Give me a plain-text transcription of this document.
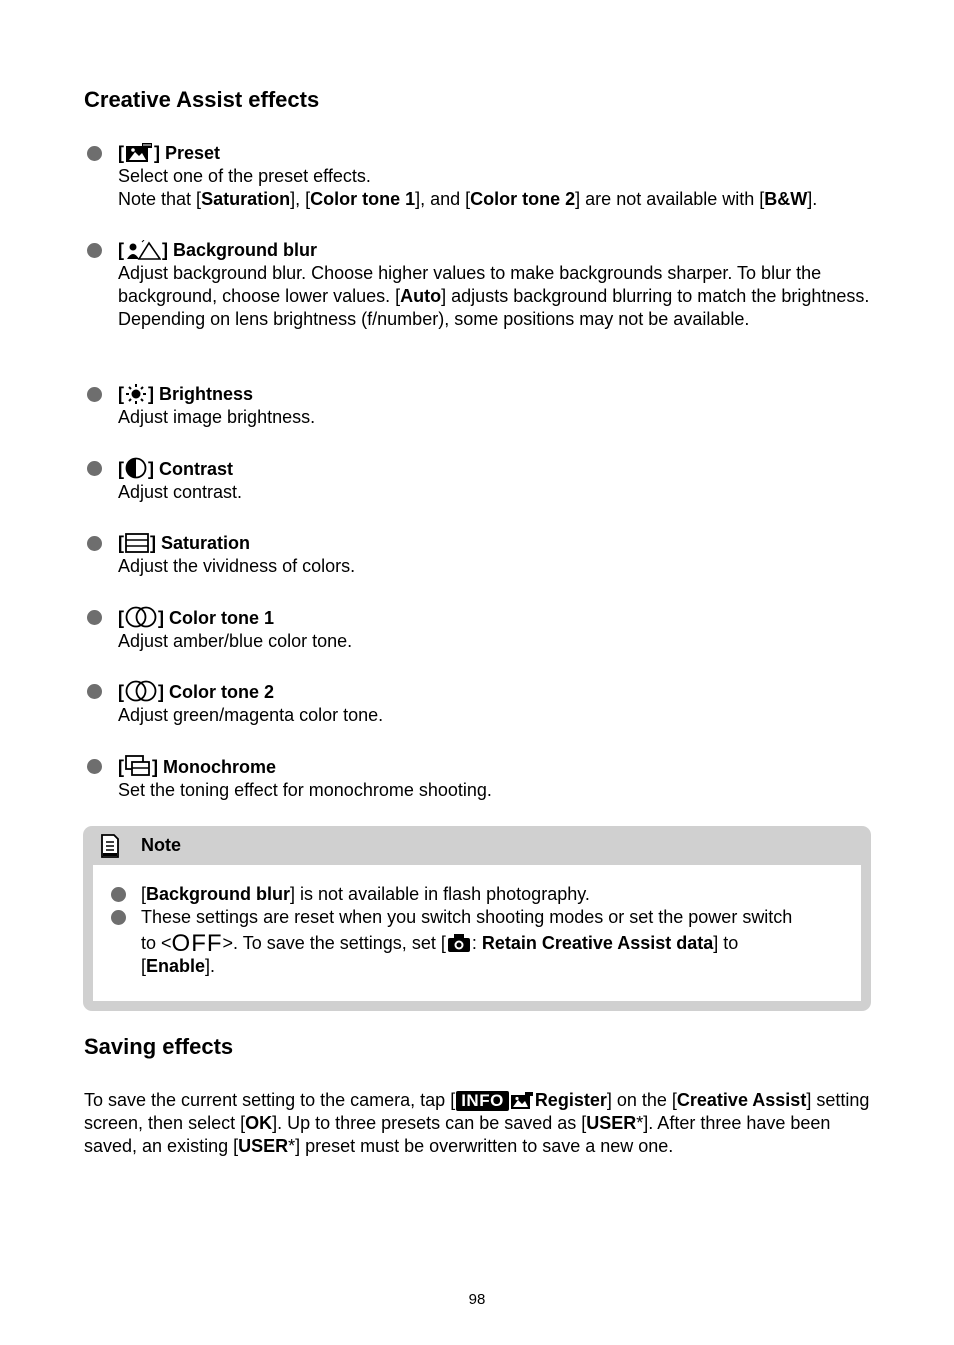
Creative Assist effects
[ ] Preset

Select one of the preset effects.

Note that [Saturation], [Color tone 1], and [Color tone 2] are not available with [B&W].

[ ] Background blur
Adjust background blur. Choose higher values to make backgrounds sharper. To blur the background, choose lower values. [Auto] adjusts background blurring to match the brightness. Depending on lens brightness (f/number), some positions may not be available.
[ ] Brightness
Adjust image brightness.
[ ] Contrast
Adjust contrast.
[ ] Saturation
Adjust the vividness of colors.
[ ] Color tone 1
Adjust amber/blue color tone.
[ ] Color tone 2
Adjust green/magenta color tone.
[ ] Monochrome
Set the toning effect for monochrome shooting.
Note
[Background blur] is not available in flash photography.
These settings are reset when you switch shooting modes or set the power switch
to <OFF>. To save the settings, set [ : Retain Creative Assist data] to
[Enable].
Saving effects
To save the current setting to the camera, tap [ INFO Register] on the [Creative Assist] setting screen, then select [OK]. Up to three presets can be saved as [USER*]. After three have been saved, an existing [USER*] preset must be overwritten to save a new one.
98
